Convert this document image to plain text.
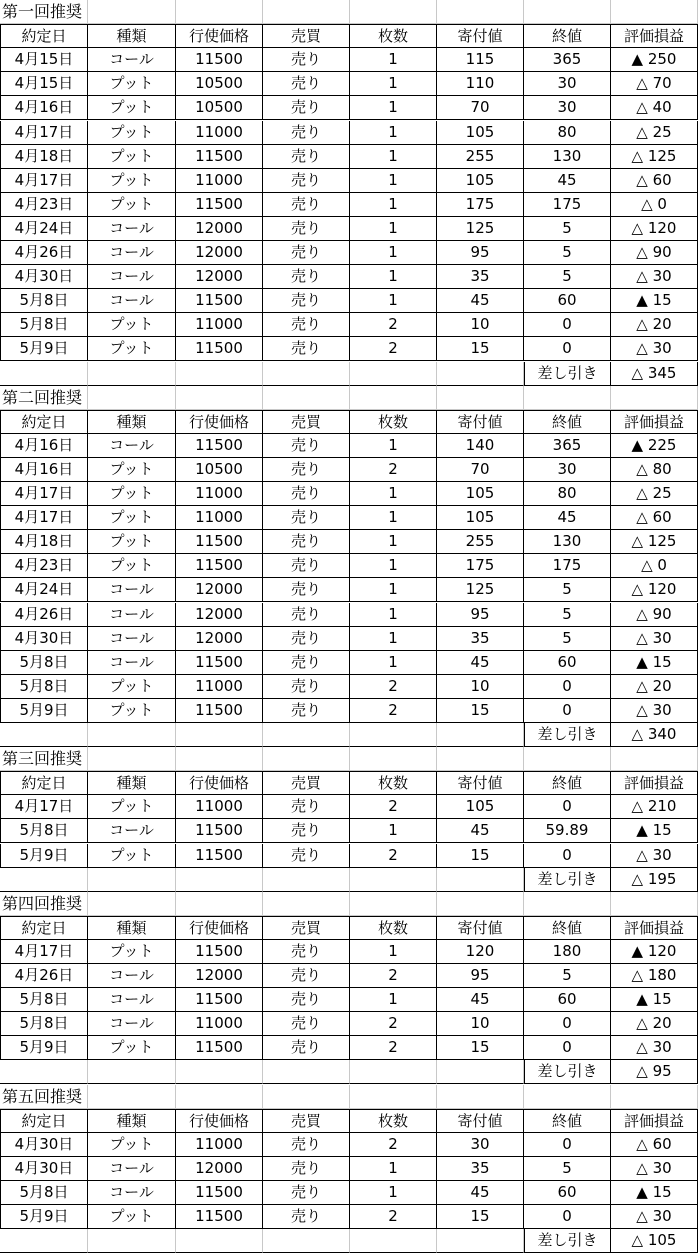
第一回推奨
約定日	種類	行使価格	売買	枚数	寄付値	終値	評価損益
4月15日	コール	11500	売り	1	115	365	▲ 250
4月15日	プット	10500	売り	1	110	30	△ 70
4月16日	プット	10500	売り	1	70	30	△ 40
4月17日	プット	11000	売り	1	105	80	△ 25
4月18日	プット	11500	売り	1	255	130	△ 125
4月17日	プット	11000	売り	1	105	45	△ 60
4月23日	プット	11500	売り	1	175	175	△ 0
4月24日	コール	12000	売り	1	125	5	△ 120
4月26日	コール	12000	売り	1	95	5	△ 90
4月30日	コール	12000	売り	1	35	5	△ 30
5月8日	コール	11500	売り	1	45	60	▲ 15
5月8日	プット	11000	売り	2	10	0	△ 20
5月9日	プット	11500	売り	2	15	0	△ 30
差し引き	△ 345
第二回推奨
約定日	種類	行使価格	売買	枚数	寄付値	終値	評価損益
4月16日	コール	11500	売り	1	140	365	▲ 225
4月16日	プット	10500	売り	2	70	30	△ 80
4月17日	プット	11000	売り	1	105	80	△ 25
4月17日	プット	11000	売り	1	105	45	△ 60
4月18日	プット	11500	売り	1	255	130	△ 125
4月23日	プット	11500	売り	1	175	175	△ 0
4月24日	コール	12000	売り	1	125	5	△ 120
4月26日	コール	12000	売り	1	95	5	△ 90
4月30日	コール	12000	売り	1	35	5	△ 30
5月8日	コール	11500	売り	1	45	60	▲ 15
5月8日	プット	11000	売り	2	10	0	△ 20
5月9日	プット	11500	売り	2	15	0	△ 30
差し引き	△ 340
第三回推奨
約定日	種類	行使価格	売買	枚数	寄付値	終値	評価損益
4月17日	プット	11000	売り	2	105	0	△ 210
5月8日	コール	11500	売り	1	45	59.89	▲ 15
5月9日	プット	11500	売り	2	15	0	△ 30
差し引き	△ 195
第四回推奨
約定日	種類	行使価格	売買	枚数	寄付値	終値	評価損益
4月17日	プット	11500	売り	1	120	180	▲ 120
4月26日	コール	12000	売り	2	95	5	△ 180
5月8日	コール	11500	売り	1	45	60	▲ 15
5月8日	コール	11000	売り	2	10	0	△ 20
5月9日	プット	11500	売り	2	15	0	△ 30
差し引き	△ 95
第五回推奨
約定日	種類	行使価格	売買	枚数	寄付値	終値	評価損益
4月30日	プット	11000	売り	2	30	0	△ 60
4月30日	コール	12000	売り	1	35	5	△ 30
5月8日	コール	11500	売り	1	45	60	▲ 15
5月9日	プット	11500	売り	2	15	0	△ 30
差し引き	△ 105
